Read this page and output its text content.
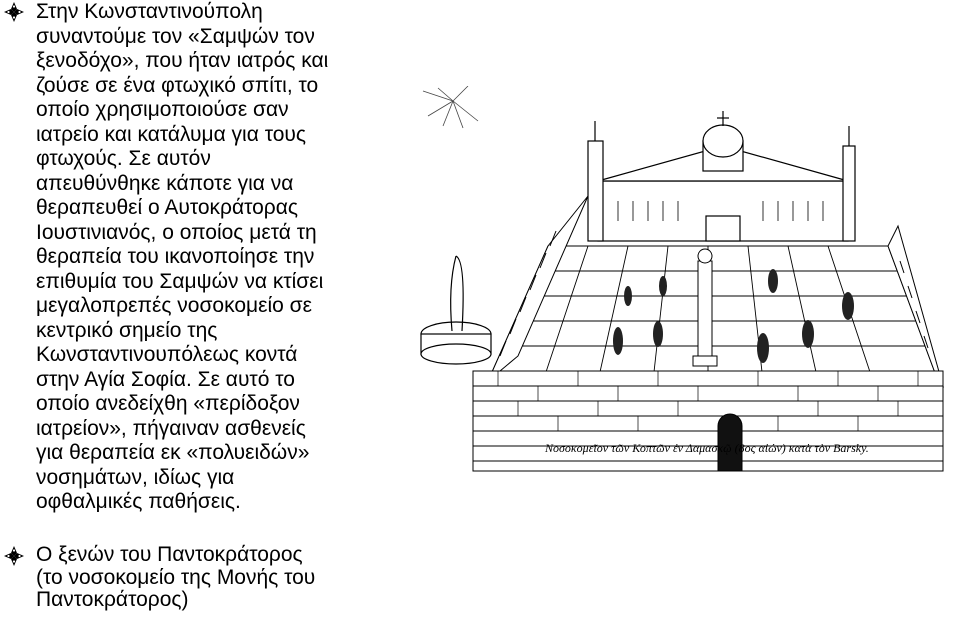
Στην Κωνσταντινούπολη
συναντούμε τον «Σαμψών τον
ξενοδόχο», που ήταν ιατρός και
ζούσε σε ένα φτωχικό σπίτι, το
οποίο χρησιμοποιούσε σαν
ιατρείο και κατάλυμα για τους
φτωχούς. Σε αυτόν
απευθύνθηκε κάποτε για να
θεραπευθεί ο Αυτοκράτορας
Ιουστινιανός, ο οποίος μετά τη
θεραπεία του ικανοποίησε την
επιθυμία του Σαμψών να κτίσει
μεγαλοπρεπές νοσοκομείο σε
κεντρικό σημείο της
Κωνσταντινουπόλεως κοντά
στην Αγία Σοφία. Σε αυτό το
οποίο ανεδείχθη «περίδοξον
ιατρείον», πήγαιναν ασθενείς
για θεραπεία εκ «πολυειδών»
νοσημάτων, ιδίως για
οφθαλμικές παθήσεις.

Νοσοκομεῖον τῶν Κοπτῶν ἐν Δαμασκῷ (8ος αἰών) κατὰ τὸν Barsky.

Ο ξενών του Παντοκράτορος
(το νοσοκομείο της Μονής του
Παντοκράτορος)
